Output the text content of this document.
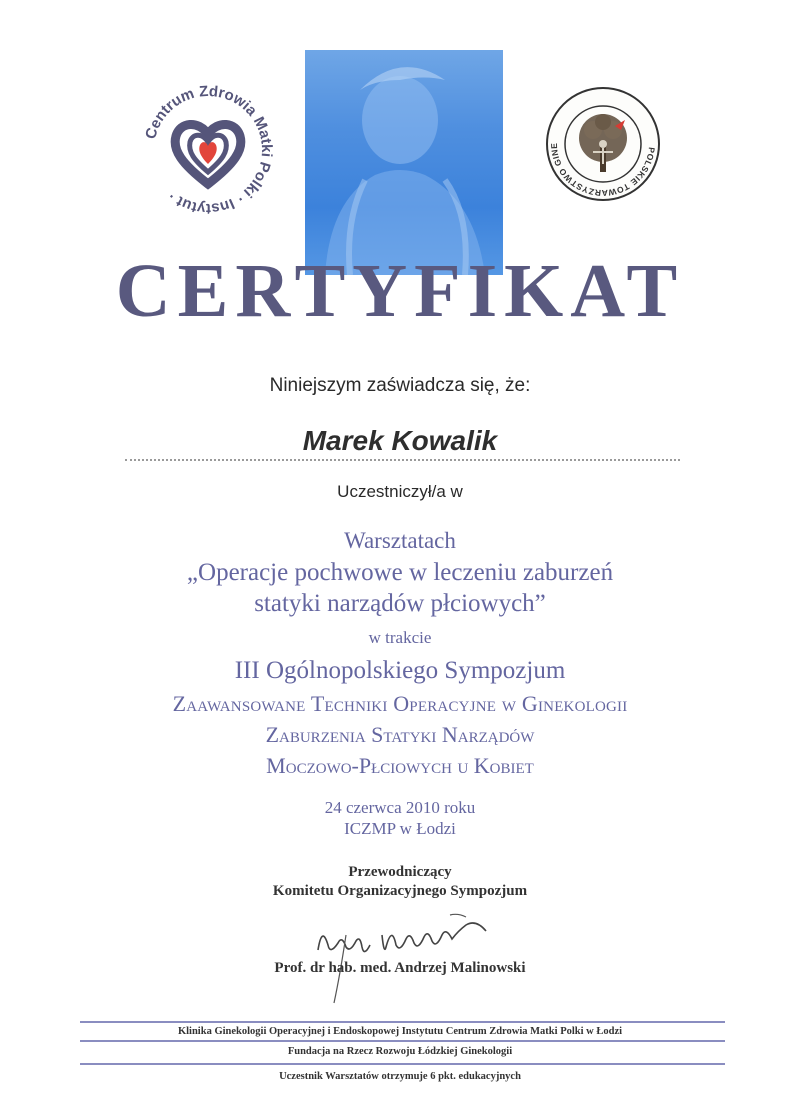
Centrum Zdrowia Matki Polki · Instytut ·
POLSKIE TOWARZYSTWO GINE
CERTYFIKAT
Niniejszym zaświadcza się, że:
Marek Kowalik
Uczestniczył/a w
Warsztatach
„Operacje pochwowe w leczeniu zaburzeń
statyki narządów płciowych”
w trakcie
III Ogólnopolskiego Sympozjum
Zaawansowane Techniki Operacyjne w Ginekologii
Zaburzenia Statyki Narządów
Moczowo-Płciowych u Kobiet
24 czerwca 2010 roku
ICZMP w Łodzi
Przewodniczący
Komitetu Organizacyjnego Sympozjum
Prof. dr hab. med. Andrzej Malinowski
Klinika Ginekologii Operacyjnej i Endoskopowej Instytutu Centrum Zdrowia Matki Polki w Łodzi
Fundacja na Rzecz Rozwoju Łódzkiej Ginekologii
Uczestnik Warsztatów otrzymuje 6 pkt. edukacyjnych
